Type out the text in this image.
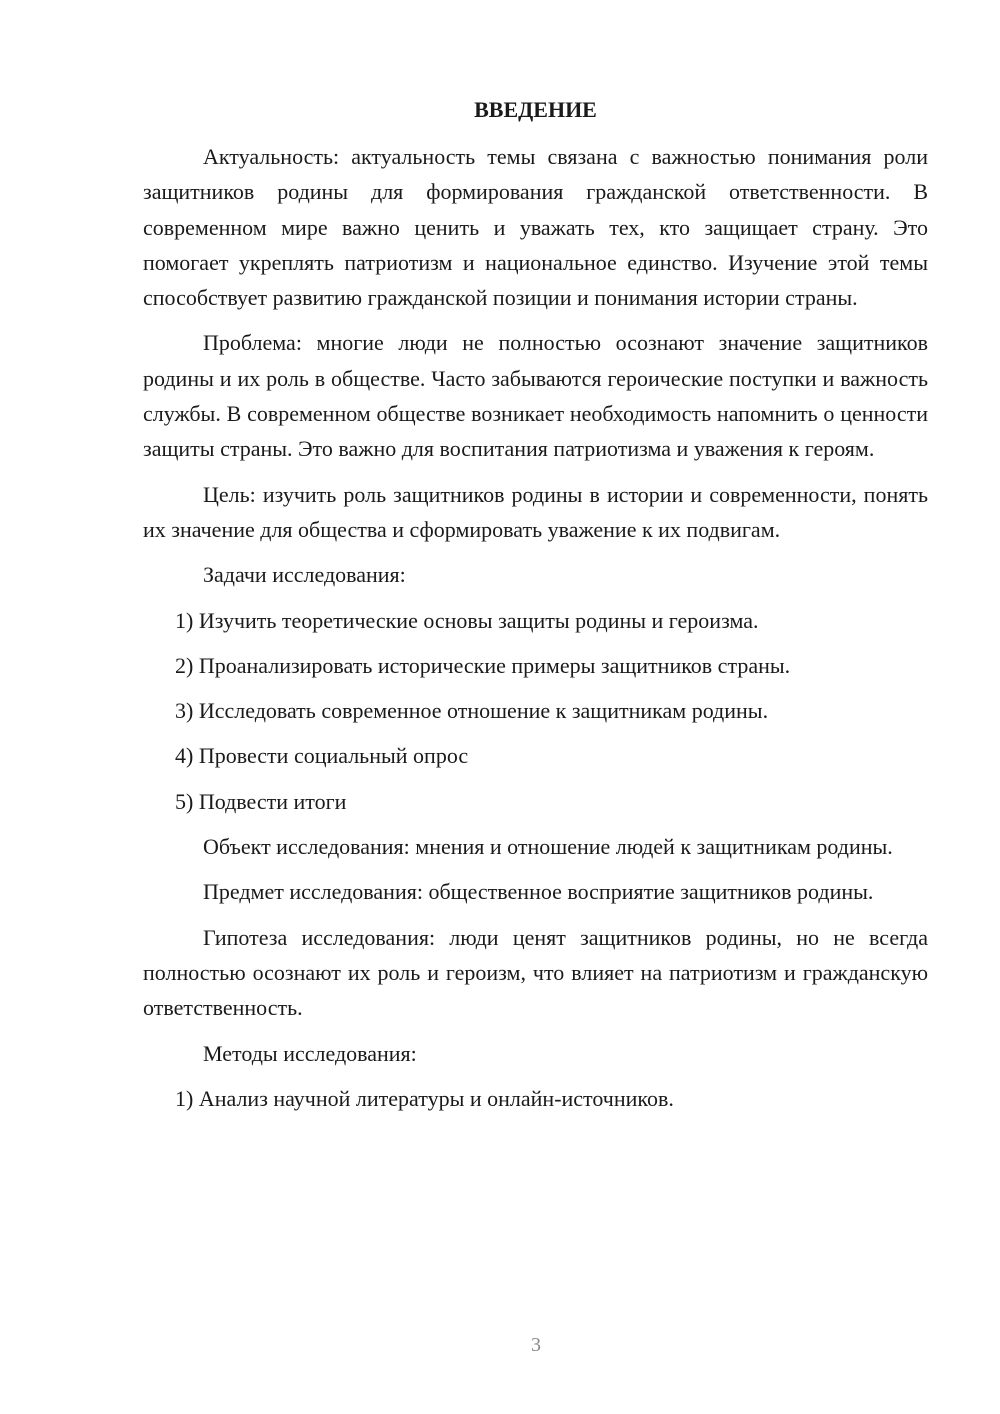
ВВЕДЕНИЕ

Актуальность: актуальность темы связана с важностью понимания роли защитников родины для формирования гражданской ответственности. В современном мире важно ценить и уважать тех, кто защищает страну. Это помогает укреплять патриотизм и национальное единство. Изучение этой темы способствует развитию гражданской позиции и понимания истории страны.

Проблема: многие люди не полностью осознают значение защитников родины и их роль в обществе. Часто забываются героические поступки и важность службы. В современном обществе возникает необходимость напомнить о ценности защиты страны. Это важно для воспитания патриотизма и уважения к героям.

Цель: изучить роль защитников родины в истории и современности, понять их значение для общества и сформировать уважение к их подвигам.

Задачи исследования:

1) Изучить теоретические основы защиты родины и героизма.

2) Проанализировать исторические примеры защитников страны.

3) Исследовать современное отношение к защитникам родины.

4) Провести социальный опрос

5) Подвести итоги

Объект исследования: мнения и отношение людей к защитникам родины.

Предмет исследования: общественное восприятие защитников родины.

Гипотеза исследования: люди ценят защитников родины, но не всегда полностью осознают их роль и героизм, что влияет на патриотизм и гражданскую ответственность.

Методы исследования:

1) Анализ научной литературы и онлайн-источников.

3
